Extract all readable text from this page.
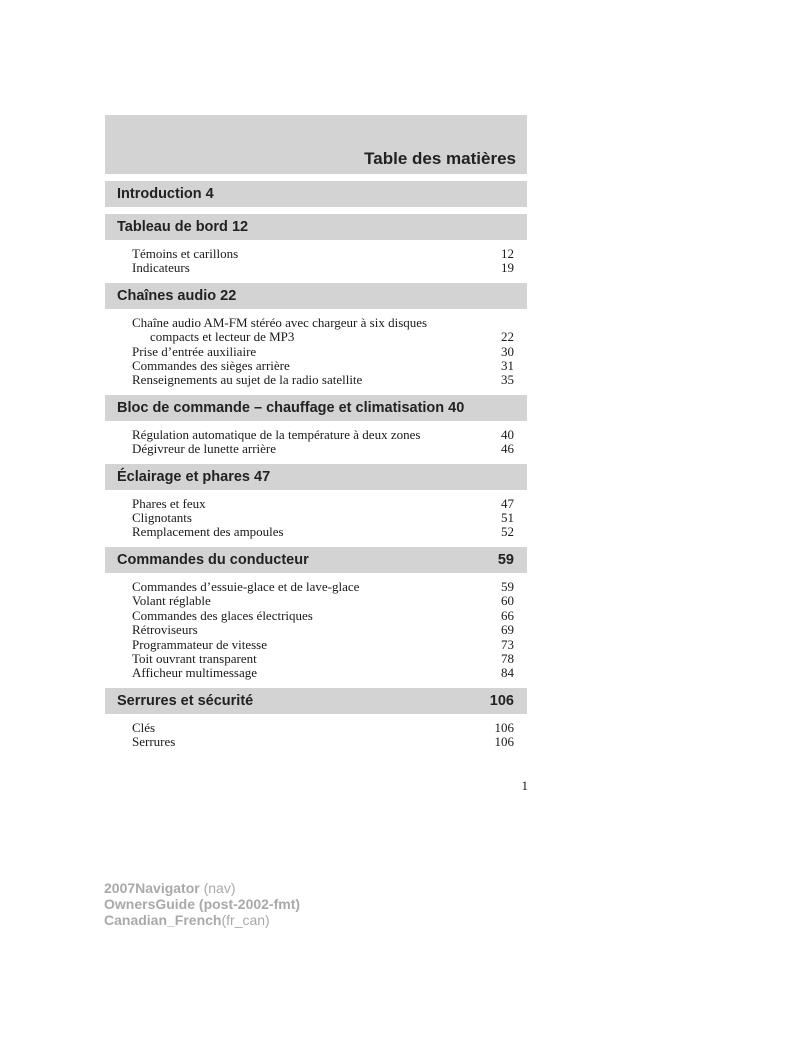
Table des matières
Introduction 4
Tableau de bord 12
Témoins et carillons	12
Indicateurs	19
Chaînes audio 22
Chaîne audio AM-FM stéréo avec chargeur à six disques
compacts et lecteur de MP3	22
Prise d’entrée auxiliaire	30
Commandes des sièges arrière	31
Renseignements au sujet de la radio satellite	35
Bloc de commande – chauffage et climatisation 40
Régulation automatique de la température à deux zones	40
Dégivreur de lunette arrière	46
Éclairage et phares 47
Phares et feux	47
Clignotants	51
Remplacement des ampoules	52
Commandes du conducteur	59
Commandes d’essuie-glace et de lave-glace	59
Volant réglable	60
Commandes des glaces électriques	66
Rétroviseurs	69
Programmateur de vitesse	73
Toit ouvrant transparent	78
Afficheur multimessage	84
Serrures et sécurité	106
Clés	106
Serrures	106
1
2007Navigator (nav)
OwnersGuide (post-2002-fmt)
Canadian_French(fr_can)
